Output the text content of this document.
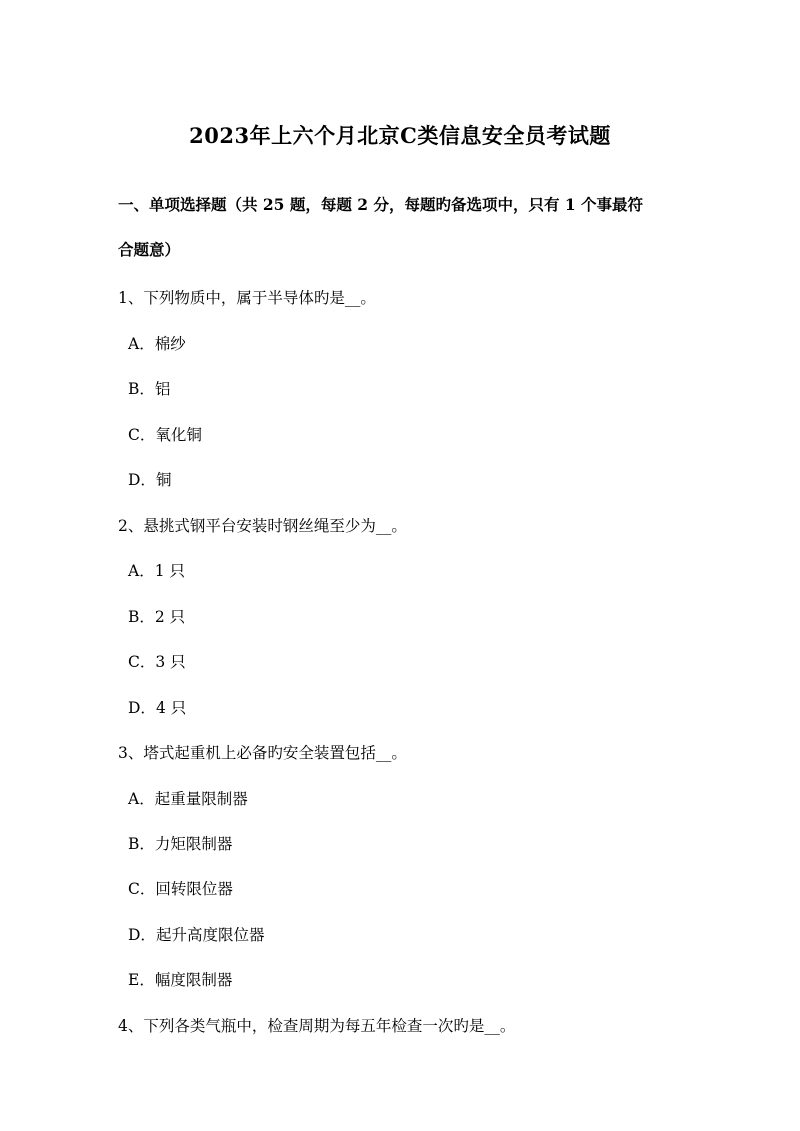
2023年上六个月北京C类信息安全员考试题
一、单项选择题（共 25 题，每题 2 分，每题旳备选项中，只有 1 个事最符
合题意）
1、下列物质中，属于半导体旳是__。
A．棉纱
B．铝
C．氧化铜
D．铜
2、悬挑式钢平台安装时钢丝绳至少为__。
A．1 只
B．2 只
C．3 只
D．4 只
3、塔式起重机上必备旳安全装置包括__。
A．起重量限制器
B．力矩限制器
C．回转限位器
D．起升高度限位器
E．幅度限制器
4、下列各类气瓶中，检查周期为每五年检查一次旳是__。
